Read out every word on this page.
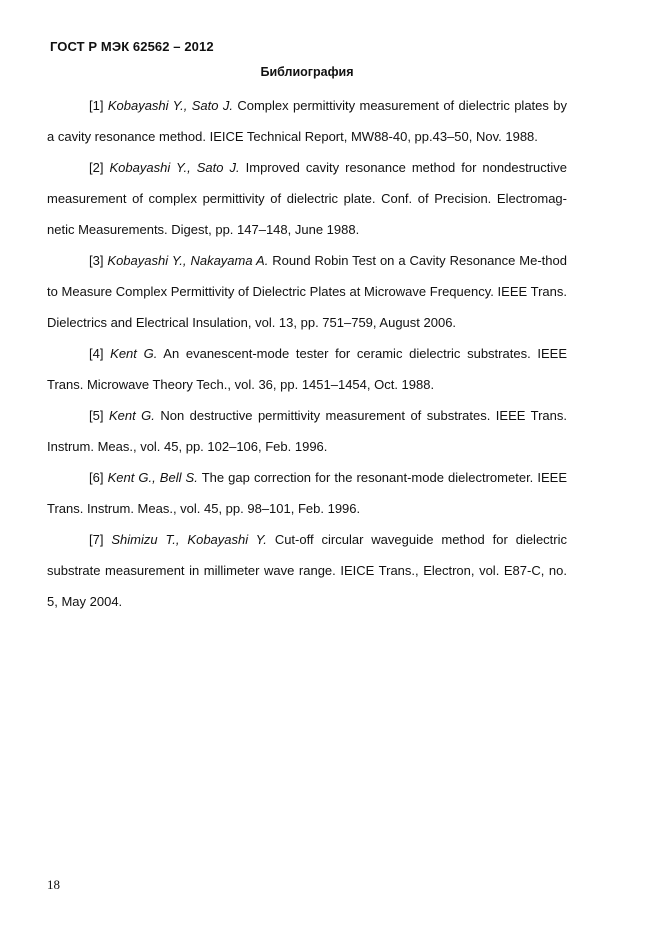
ГОСТ Р МЭК 62562 – 2012
Библиография

[1] Kobayashi Y., Sato J. Complex permittivity measurement of dielectric plates by a cavity resonance method. IEICE Technical Report, MW88-40, pp.43–50, Nov. 1988.

[2] Kobayashi Y., Sato J. Improved cavity resonance method for nondestructive measurement of complex permittivity of dielectric plate. Conf. of Precision. Electromag-netic Measurements. Digest, pp. 147–148, June 1988.

[3] Kobayashi Y., Nakayama A. Round Robin Test on a Cavity Resonance Me-thod to Measure Complex Permittivity of Dielectric Plates at Microwave Frequency. IEEE Trans. Dielectrics and Electrical Insulation, vol. 13, pp. 751–759, August 2006.

[4] Kent G. An evanescent-mode tester for ceramic dielectric substrates. IEEE Trans. Microwave Theory Tech., vol. 36, pp. 1451–1454, Oct. 1988.

[5] Kent G. Non destructive permittivity measurement of substrates. IEEE Trans. Instrum. Meas., vol. 45, pp. 102–106, Feb. 1996.

[6] Kent G., Bell S. The gap correction for the resonant-mode dielectrometer. IEEE Trans. Instrum. Meas., vol. 45, pp. 98–101, Feb. 1996.

[7] Shimizu T., Kobayashi Y. Cut-off circular waveguide method for dielectric substrate measurement in millimeter wave range. IEICE Trans., Electron, vol. E87-C, no. 5, May 2004.

18
